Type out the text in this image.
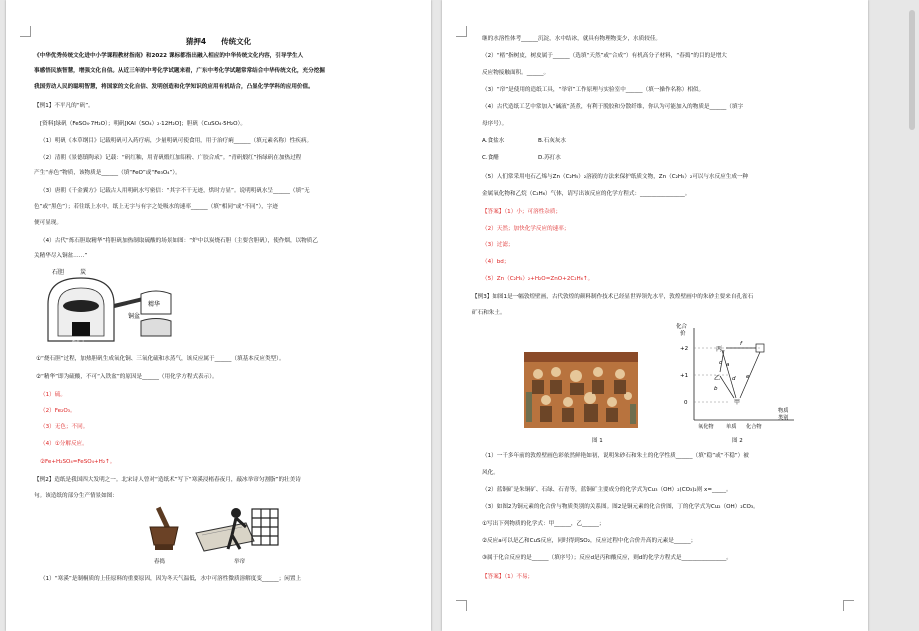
猜押4　　传统文化
《中华优秀传统文化进中小学课程教材指南》和2022 课标都指出融入相应的中华传统文化内容，引导学生人
事感悟民族智慧，增强文化自信。从近三年的中考化学试题来看，广东中考化学试题常常结合中华传统文化，充分挖掘
我国劳动人民的聪明智慧，将国家的文化自信、发明创造和化学知识的应用有机结合，凸显化学学科的应用价值。
【例1】不平凡的“矾”。
[资料]绿矾（FeSO₄·7H₂O）；明矾[KAl（SO₄）₂·12H₂O]；胆矾（CuSO₄·5H₂O）。
（1）明矾《本草纲目》记载明矾可入药疗病，少量明矾可使食用，用于治疗痢______（填元素名称）性疾病。
（2）清朝《景德镇陶录》记载：“矾红釉，用青矾煅红加铅粉、广胶合成”。“青矾煅红”指绿矾在加热过程
产生“赤色”物质，该物质是______（填“FeO”或“Fe₃O₄”）。
（3）唐朝《千金翼方》记载古人用明矾水写密信：“其字不干无迹，烘时方显”。说明明矾水呈______（填“无
色”或“黑色”）；若往纸上水中，纸上无字与有字之处吸水的速率______（填“相同”或“不同”），字迹
便可显现。
（4）古代“炼石胆取精华”将胆矾加热制取硫酸的场景如图：“炉中以炭烧石胆（主要含胆矾），使作烟，以物质乙
关精华尽入铜盆……”
石胆	炭
精华
铜盆
炉门
①“烧石胆”过程，加热胆矾生成氧化铜、三氧化硫和水蒸气，该反应属于______（填基本反应类型）。
②“精华”即为硫酸，不可“入铁盆”的原因是______（用化学方程式表示）。
（1）硫。
（2）Fe₂O₃。
（3）无色；不同。
（4）①分解反应。
②Fe+H₂SO₄=FeSO₄+H₂↑。
【例2】造纸是我国四大发明之一。北宋诗人曾对“造纸术”写下“寒溪浸楮春夜月，敲冰举帘匀割脂”的壮美诗
句。该造纸的部分生产情景如图：
舂捣	举帘
（1）“寒溪”是制桐质的上佳原料的重要原因，因为冬天气温低，水中可溶性微质溶解度变______；闲置上
继的水溶性体考______沉淀，水中结冰，就具有物理物变少，水质较佳。
（2）“楮”指树皮，树皮属于______（选填“天然”或“合成”）有机高分子材料，“春捣”的目的是增大
反应物接触面积。______。
（3）“帘”是使用的造纸工具，“举帘”工作原理与实验室中______（填一操作名称）相似。
（4）古代造纸工艺中常加入“碱液”蒸煮，有利于脱胶和分散纤维，你认为可能加入的物质是______（填字
母序号）。
A.食盐水	B.石灰灰水
C.食醋	D.苏打水
（5）人们常采用电石乙烯与Zn（C₂H₅）₂溶液的方法来保护纸质文物，Zn（C₂H₅）₂可以与水反应生成一种
金属氧化物和乙烷（C₂H₆）气体，请写出该反应的化学方程式：________________。
【答案】（1）小；可溶性杂质；
（2）天然；加快化学反应的速率；
（3）过滤；
（4）bd；
（5）Zn（C₂H₅）₂+H₂O=ZnO+2C₂H₆↑。
【例3】如图1是一幅敦煌壁画，古代敦煌的颜料制作技术已经显世界领先水平，敦煌壁画中的朱砂主要来自孔雀石
矿石和朱土。
图 1
化合
价
+2
+1
0
丙
乙
甲
a
b
c
d e
f
氧化物 单质 化合物
物质
类别
图 2
（1）一千多年前的敦煌壁画色彩依然鲜艳如初，说明朱砂石和朱土的化学性质______（填“稳”或“不稳”）被
风化。
（2）蓝铜矿是朱铜矿、石绿、石青等，蓝铜矿主要成分的化学式为Cu₃（OH）₂(CO₃)₂则 x=_____。
（3）如图2为铜元素的化合价与物质类别的关系图。图2是铜元素的化合价图，丁的化学式为Cu₂（OH）₂CO₃。
①写出下列物质的化学式：甲______，乙______；
②反应a可以是乙和CuS反应，同时得到SO₂，反应过程中化合价升高的元素是______；
③属于化合反应的是______（填序号）；反应d是丙和酸反应，则d的化学方程式是________________。
【答案】（1）不易；
